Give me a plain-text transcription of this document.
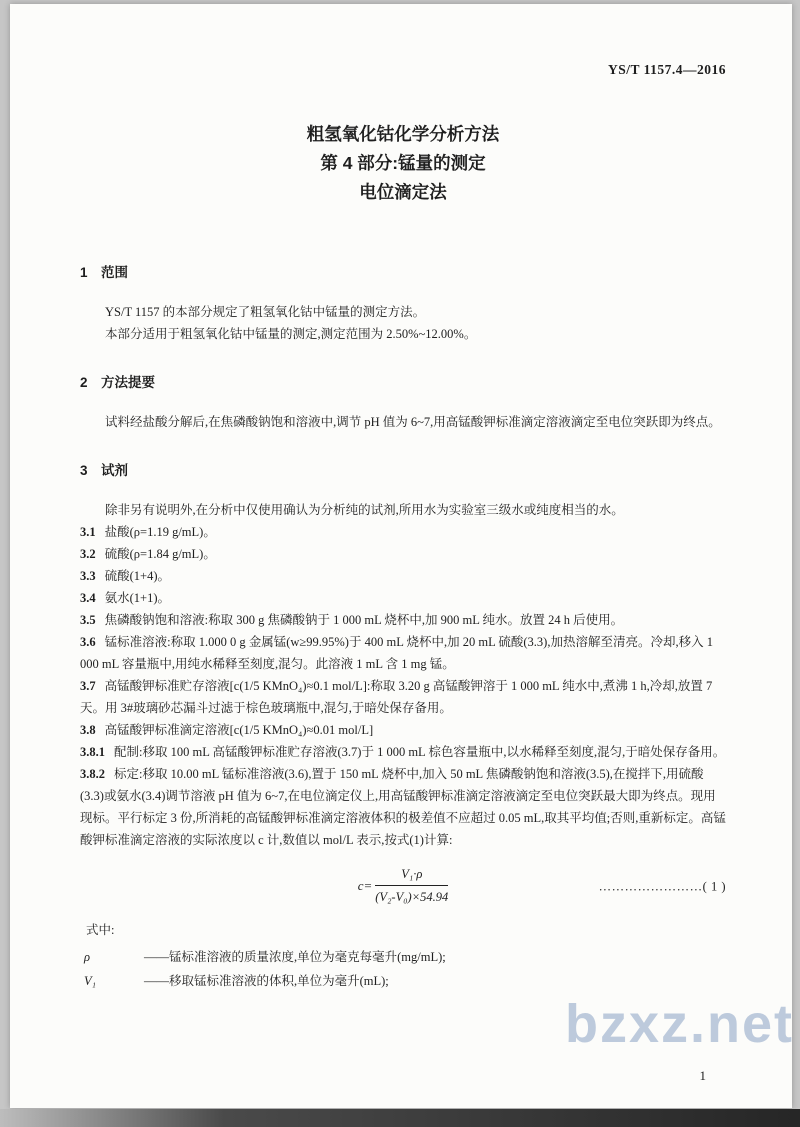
YS/T 1157.4—2016
粗氢氧化钴化学分析方法
第 4 部分:锰量的测定
电位滴定法
1　范围

YS/T 1157 的本部分规定了粗氢氧化钴中锰量的测定方法。

本部分适用于粗氢氧化钴中锰量的测定,测定范围为 2.50%~12.00%。

2　方法提要

试料经盐酸分解后,在焦磷酸钠饱和溶液中,调节 pH 值为 6~7,用高锰酸钾标准滴定溶液滴定至电位突跃即为终点。

3　试剂

除非另有说明外,在分析中仅使用确认为分析纯的试剂,所用水为实验室三级水或纯度相当的水。

3.1 盐酸(ρ=1.19 g/mL)。

3.2 硫酸(ρ=1.84 g/mL)。

3.3 硫酸(1+4)。

3.4 氨水(1+1)。

3.5 焦磷酸钠饱和溶液:称取 300 g 焦磷酸钠于 1 000 mL 烧杯中,加 900 mL 纯水。放置 24 h 后使用。

3.6 锰标准溶液:称取 1.000 0 g 金属锰(w≥99.95%)于 400 mL 烧杯中,加 20 mL 硫酸(3.3),加热溶解至清亮。冷却,移入 1 000 mL 容量瓶中,用纯水稀释至刻度,混匀。此溶液 1 mL 含 1 mg 锰。

3.7 高锰酸钾标准贮存溶液[c(1/5 KMnO₄)≈0.1 mol/L]:称取 3.20 g 高锰酸钾溶于 1 000 mL 纯水中,煮沸 1 h,冷却,放置 7 天。用 3#玻璃砂芯漏斗过滤于棕色玻璃瓶中,混匀,于暗处保存备用。

3.8 高锰酸钾标准滴定溶液[c(1/5 KMnO₄)≈0.01 mol/L]

3.8.1 配制:移取 100 mL 高锰酸钾标准贮存溶液(3.7)于 1 000 mL 棕色容量瓶中,以水稀释至刻度,混匀,于暗处保存备用。

3.8.2 标定:移取 10.00 mL 锰标准溶液(3.6),置于 150 mL 烧杯中,加入 50 mL 焦磷酸钠饱和溶液(3.5),在搅拌下,用硫酸(3.3)或氨水(3.4)调节溶液 pH 值为 6~7,在电位滴定仪上,用高锰酸钾标准滴定溶液滴定至电位突跃最大即为终点。现用现标。平行标定 3 份,所消耗的高锰酸钾标准滴定溶液体积的极差值不应超过 0.05 mL,取其平均值;否则,重新标定。高锰酸钾标准滴定溶液的实际浓度以 c 计,数值以 mol/L 表示,按式(1)计算:

$c= \frac{\text{V₁·ρ}}{\text{(V₂-V₀)×54.94}}$	……………………( 1 )
式中:
ρ	——锰标准溶液的质量浓度,单位为毫克每毫升(mg/mL);
V₁	——移取锰标准溶液的体积,单位为毫升(mL);
1
bzxz.net
